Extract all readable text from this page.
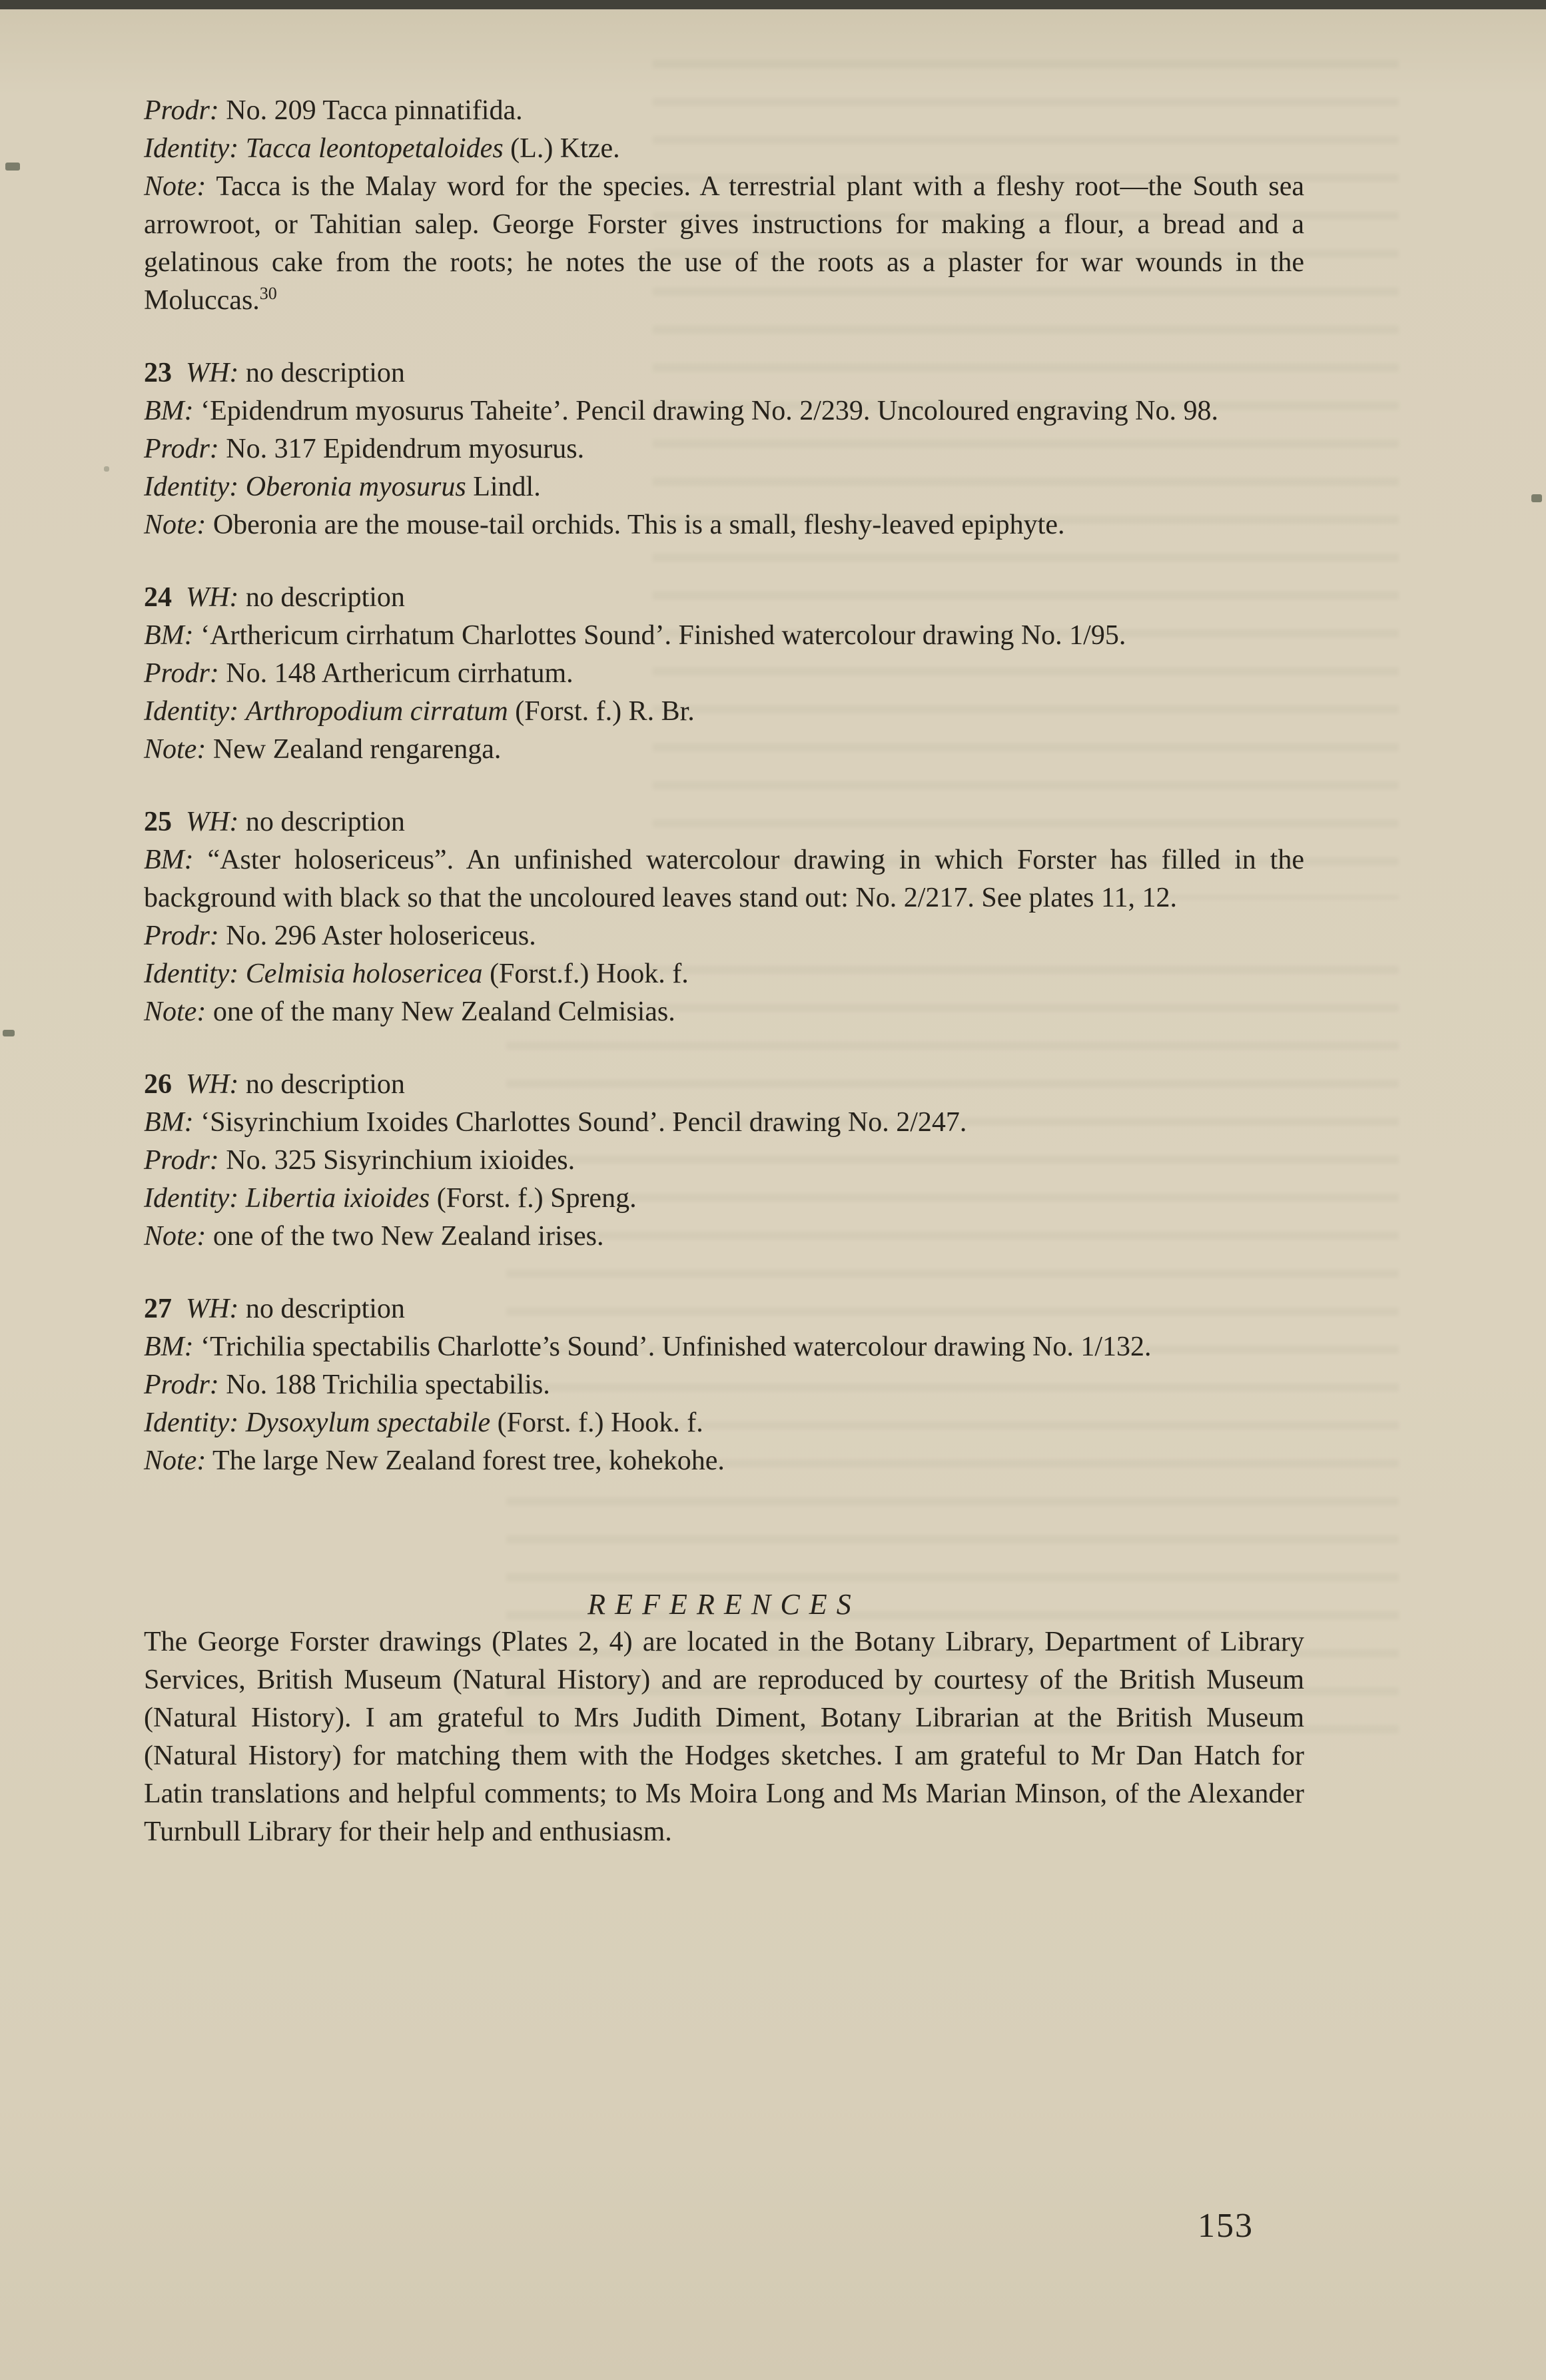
Prodr: No. 209 Tacca pinnatifida.

Identity: Tacca leontopetaloides (L.) Ktze.

Note: Tacca is the Malay word for the species. A terrestrial plant with a fleshy root—the South sea arrowroot, or Tahitian salep. George Forster gives instructions for making a flour, a bread and a gelatinous cake from the roots; he notes the use of the roots as a plaster for war wounds in the Moluccas.$^{30}$

23  WH: no description

BM: ‘Epidendrum myosurus Taheite’. Pencil drawing No. 2/239. Uncoloured engraving No. 98.

Prodr: No. 317 Epidendrum myosurus.

Identity: Oberonia myosurus Lindl.

Note: Oberonia are the mouse-tail orchids. This is a small, fleshy-leaved epiphyte.

24  WH: no description

BM: ‘Arthericum cirrhatum Charlottes Sound’. Finished watercolour drawing No. 1/95.

Prodr: No. 148 Arthericum cirrhatum.

Identity: Arthropodium cirratum (Forst. f.) R. Br.

Note: New Zealand rengarenga.

25  WH: no description

BM: “Aster holosericeus”. An unfinished watercolour drawing in which Forster has filled in the background with black so that the uncoloured leaves stand out: No. 2/217. See plates 11, 12.

Prodr: No. 296 Aster holosericeus.

Identity: Celmisia holosericea (Forst.f.) Hook. f.

Note: one of the many New Zealand Celmisias.

26  WH: no description

BM: ‘Sisyrinchium Ixoides Charlottes Sound’. Pencil drawing No. 2/247.

Prodr: No. 325 Sisyrinchium ixioides.

Identity: Libertia ixioides (Forst. f.) Spreng.

Note: one of the two New Zealand irises.

27  WH: no description

BM: ‘Trichilia spectabilis Charlotte’s Sound’. Unfinished watercolour drawing No. 1/132.

Prodr: No. 188 Trichilia spectabilis.

Identity: Dysoxylum spectabile (Forst. f.) Hook. f.

Note: The large New Zealand forest tree, kohekohe.

REFERENCES

The George Forster drawings (Plates 2, 4) are located in the Botany Library, Department of Library Services, British Museum (Natural History) and are reproduced by courtesy of the British Museum (Natural History). I am grateful to Mrs Judith Diment, Botany Librarian at the British Museum (Natural History) for matching them with the Hodges sketches. I am grateful to Mr Dan Hatch for Latin translations and helpful comments; to Ms Moira Long and Ms Marian Minson, of the Alexander Turnbull Library for their help and enthusiasm.

153
